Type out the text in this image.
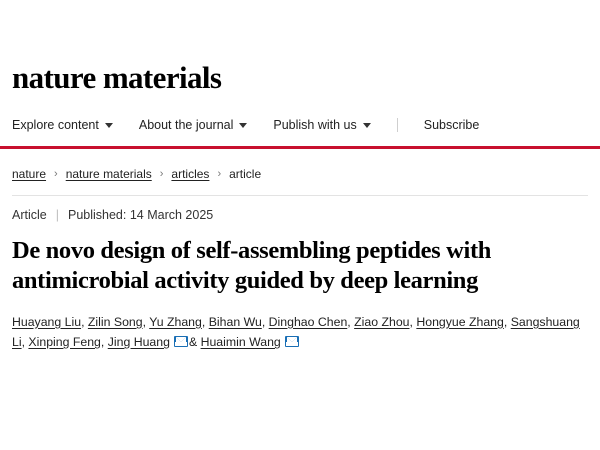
nature materials
Explore content	About the journal	Publish with us	Subscribe
nature › nature materials › articles › article
Article | Published: 14 March 2025
De novo design of self-assembling peptides with antimicrobial activity guided by deep learning
Huayang Liu, Zilin Song, Yu Zhang, Bihan Wu, Dinghao Chen, Ziao Zhou, Hongyue Zhang, Sangshuang Li, Xinping Feng, Jing Huang & Huaimin Wang
